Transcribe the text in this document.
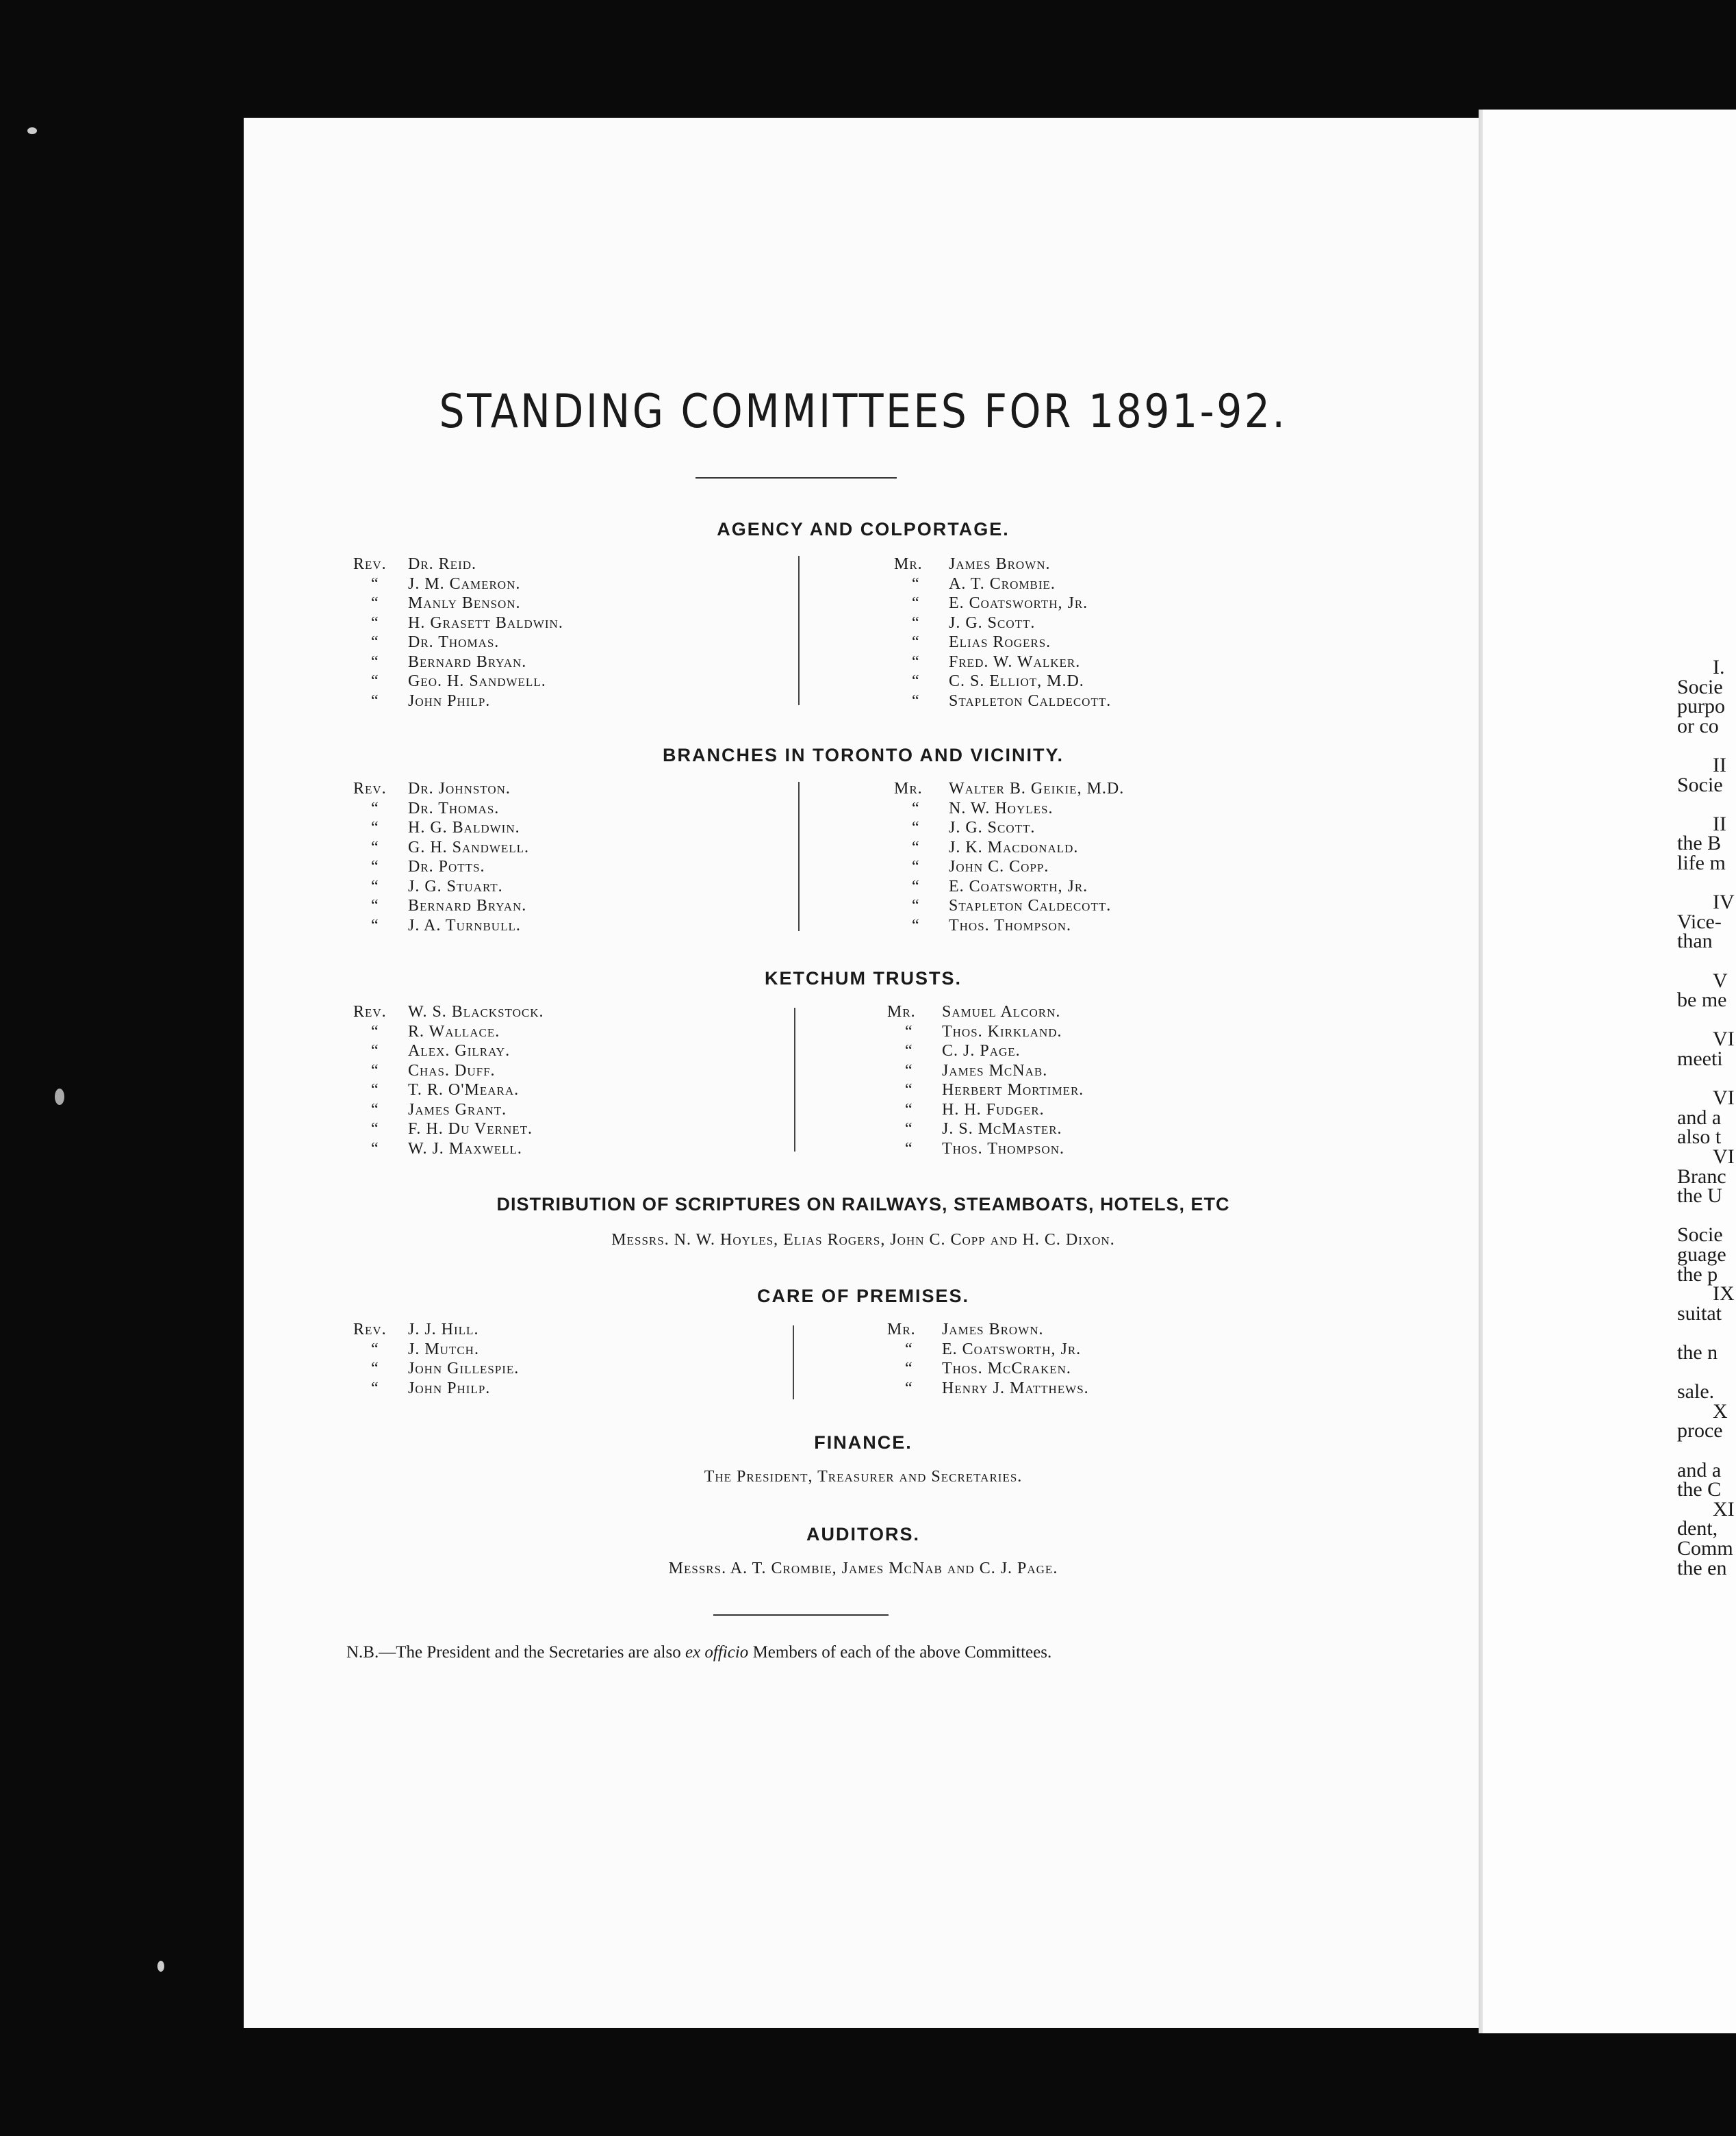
STANDING COMMITTEES FOR 1891-92.
AGENCY AND COLPORTAGE.
Rev. Dr. Reid.
“ J. M. Cameron.
“ Manly Benson.
“ H. Grasett Baldwin.
“ Dr. Thomas.
“ Bernard Bryan.
“ Geo. H. Sandwell.
“ John Philp.
Mr. James Brown.
“ A. T. Crombie.
“ E. Coatsworth, Jr.
“ J. G. Scott.
“ Elias Rogers.
“ Fred. W. Walker.
“ C. S. Elliot, M.D.
“ Stapleton Caldecott.
BRANCHES IN TORONTO AND VICINITY.
Rev. Dr. Johnston.
“ Dr. Thomas.
“ H. G. Baldwin.
“ G. H. Sandwell.
“ Dr. Potts.
“ J. G. Stuart.
“ Bernard Bryan.
“ J. A. Turnbull.
Mr. Walter B. Geikie, M.D.
“ N. W. Hoyles.
“ J. G. Scott.
“ J. K. Macdonald.
“ John C. Copp.
“ E. Coatsworth, Jr.
“ Stapleton Caldecott.
“ Thos. Thompson.
KETCHUM TRUSTS.
Rev. W. S. Blackstock.
“ R. Wallace.
“ Alex. Gilray.
“ Chas. Duff.
“ T. R. O'Meara.
“ James Grant.
“ F. H. Du Vernet.
“ W. J. Maxwell.
Mr. Samuel Alcorn.
“ Thos. Kirkland.
“ C. J. Page.
“ James McNab.
“ Herbert Mortimer.
“ H. H. Fudger.
“ J. S. McMaster.
“ Thos. Thompson.
DISTRIBUTION OF SCRIPTURES ON RAILWAYS, STEAMBOATS, HOTELS, ETC
Messrs. N. W. Hoyles, Elias Rogers, John C. Copp and H. C. Dixon.
CARE OF PREMISES.
Rev. J. J. Hill.
“ J. Mutch.
“ John Gillespie.
“ John Philp.
Mr. James Brown.
“ E. Coatsworth, Jr.
“ Thos. McCraken.
“ Henry J. Matthews.
FINANCE.
The President, Treasurer and Secretaries.
AUDITORS.
Messrs. A. T. Crombie, James McNab and C. J. Page.
N.B.—The President and the Secretaries are also ex officio Members of each of the above Committees.
I.
Socie
purpo
or co
II
Socie
II
the B
life m
IV
Vice-
than
V
be me
VI
meeti
VI
and a
also t
VI
Branc
the U
Socie
guage
the p
IX
suitat
the n
sale.
X
proce
and a
the C
XI
dent,
Comm
the en
